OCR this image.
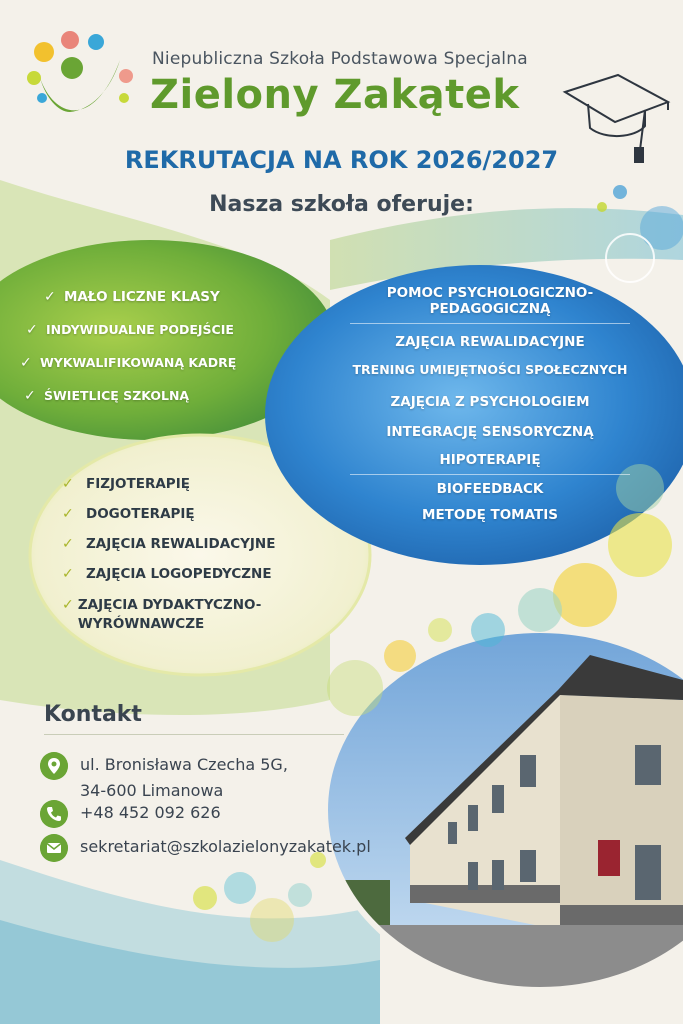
Niepubliczna Szkoła Podstawowa Specjalna
Zielony Zakątek
REKRUTACJA NA ROK 2026/2027
Nasza szkoła oferuje:
✓ MAŁO LICZNE KLASY
✓ INDYWIDUALNE PODEJŚCIE
✓ WYKWALIFIKOWANĄ KADRĘ
✓ ŚWIETLICĘ SZKOLNĄ
POMOC PSYCHOLOGICZNO-PEDAGOGICZNĄ
ZAJĘCIA REWALIDACYJNE
TRENING UMIEJĘTNOŚCI SPOŁECZNYCH
ZAJĘCIA Z PSYCHOLOGIEM
INTEGRACJĘ SENSORYCZNĄ
HIPOTERAPIĘ
BIOFEEDBACK
METODĘ TOMATIS
✓ FIZJOTERAPIĘ
✓ DOGOTERAPIĘ
✓ ZAJĘCIA REWALIDACYJNE
✓ ZAJĘCIA LOGOPEDYCZNE
✓ ZAJĘCIA DYDAKTYCZNO-WYRÓWNAWCZE
Kontakt
ul. Bronisława Czecha 5G,
34-600 Limanowa
+48 452 092 626
sekretariat@szkolazielonyzakatek.pl
